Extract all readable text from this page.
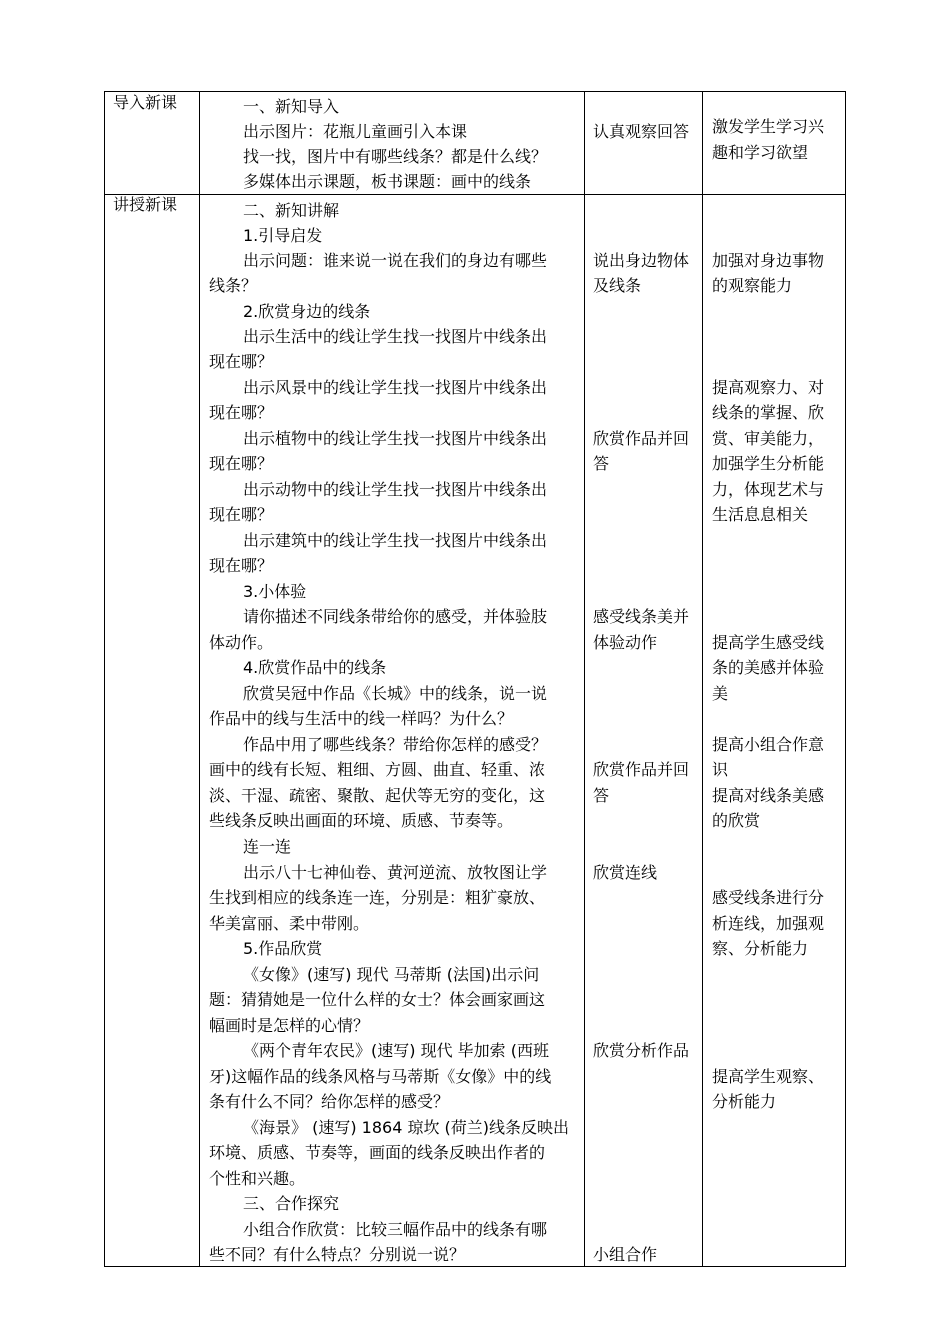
导入新课	一、新知导入
出示图片：花瓶儿童画引入本课
找一找，图片中有哪些线条？都是什么线？
多媒体出示课题，板书课题：画中的线条
认真观察回答 激发学生学习兴
趣和学习欲望
讲授新课	二、新知讲解
1.引导启发
出示问题：谁来说一说在我们的身边有哪些
线条？
2.欣赏身边的线条
出示生活中的线让学生找一找图片中线条出
现在哪？
出示风景中的线让学生找一找图片中线条出
现在哪？
出示植物中的线让学生找一找图片中线条出
现在哪？
出示动物中的线让学生找一找图片中线条出
现在哪？
出示建筑中的线让学生找一找图片中线条出
现在哪？
3.小体验
请你描述不同线条带给你的感受，并体验肢
体动作。
4.欣赏作品中的线条
欣赏吴冠中作品《长城》中的线条，说一说
作品中的线与生活中的线一样吗？为什么？
作品中用了哪些线条？带给你怎样的感受？
画中的线有长短、粗细、方圆、曲直、轻重、浓
淡、干湿、疏密、聚散、起伏等无穷的变化，这
些线条反映出画面的环境、质感、节奏等。
连一连
出示八十七神仙卷、黄河逆流、放牧图让学
生找到相应的线条连一连，分别是：粗犷豪放、
华美富丽、柔中带刚。
5.作品欣赏
《女像》(速写) 现代 马蒂斯 (法国)出示问
题：猜猜她是一位什么样的女士？体会画家画这
幅画时是怎样的心情？
《两个青年农民》(速写) 现代 毕加索 (西班
牙)这幅作品的线条风格与马蒂斯《女像》中的线
条有什么不同？给你怎样的感受？
《海景》 (速写) 1864 琼坎 (荷兰)线条反映出
环境、质感、节奏等，画面的线条反映出作者的
个性和兴趣。
三、合作探究
小组合作欣赏：比较三幅作品中的线条有哪
些不同？有什么特点？分别说一说？
说出身边物体
及线条
欣赏作品并回
答
感受线条美并
体验动作
欣赏作品并回
答
欣赏连线
欣赏分析作品
小组合作
加强对身边事物
的观察能力
提高观察力、对
线条的掌握、欣
赏、审美能力，
加强学生分析能
力，体现艺术与
生活息息相关
提高学生感受线
条的美感并体验
美
提高小组合作意
识
提高对线条美感
的欣赏
感受线条进行分
析连线，加强观
察、分析能力
提高学生观察、
分析能力
